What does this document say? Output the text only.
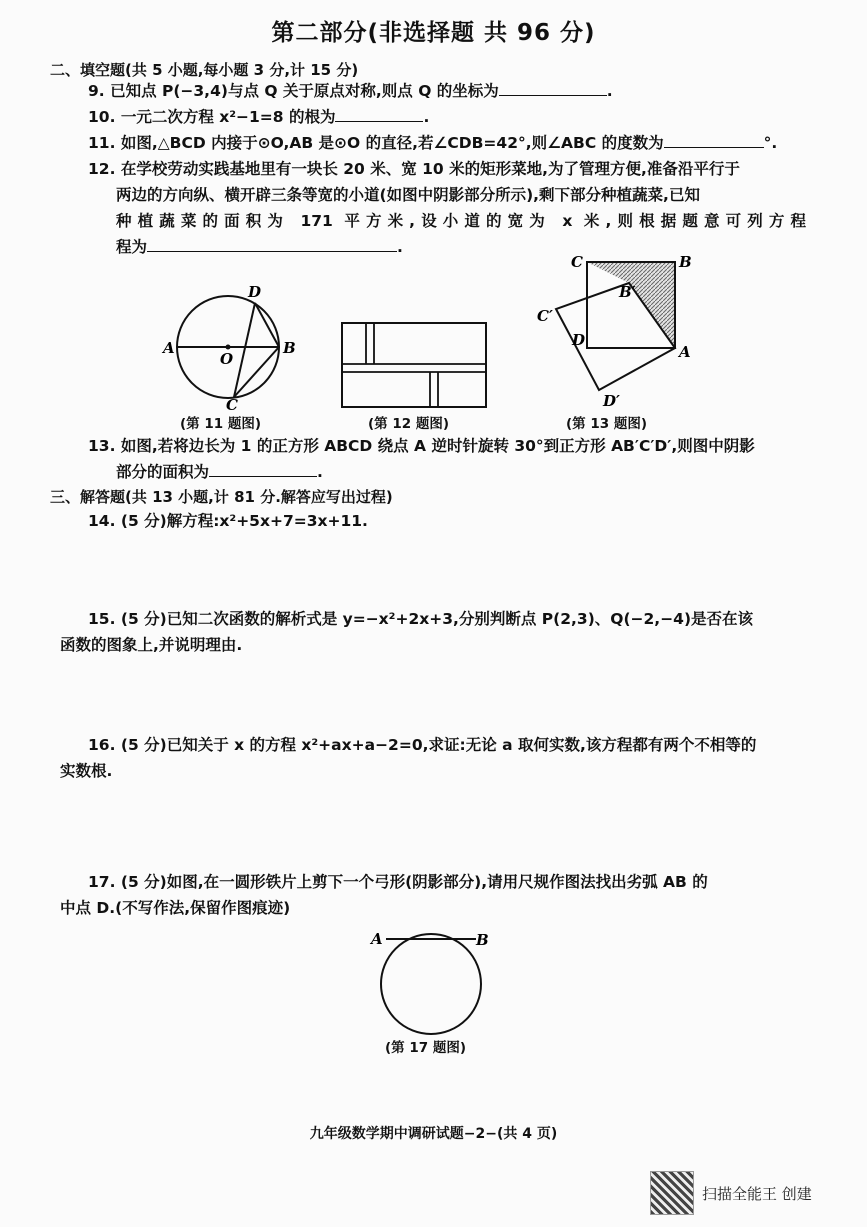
第二部分(非选择题 共 96 分)
二、填空题(共 5 小题,每小题 3 分,计 15 分)
9. 已知点 P(−3,4)与点 Q 关于原点对称,则点 Q 的坐标为	.
10. 一元二次方程 x²−1=8 的根为	.
11. 如图,△BCD 内接于⊙O,AB 是⊙O 的直径,若∠CDB=42°,则∠ABC 的度数为	°.
12. 在学校劳动实践基地里有一块长 20 米、宽 10 米的矩形菜地,为了管理方便,准备沿平行于
两边的方向纵、横开辟三条等宽的小道(如图中阴影部分所示),剩下部分种植蔬菜,已知
种植蔬菜的面积为 171 平方米,设小道的宽为 x 米,则根据题意可列方程
程为	.
A	B
D
C
O
(第 11 题图)	(第 12 题图)
C	B
B′
C′
D
A
D′
(第 13 题图)
13. 如图,若将边长为 1 的正方形 ABCD 绕点 A 逆时针旋转 30°到正方形 AB′C′D′,则图中阴影
部分的面积为	.
三、解答题(共 13 小题,计 81 分.解答应写出过程)
14. (5 分)解方程:x²+5x+7=3x+11.
15. (5 分)已知二次函数的解析式是 y=−x²+2x+3,分别判断点 P(2,3)、Q(−2,−4)是否在该
函数的图象上,并说明理由.
16. (5 分)已知关于 x 的方程 x²+ax+a−2=0,求证:无论 a 取何实数,该方程都有两个不相等的
实数根.
17. (5 分)如图,在一圆形铁片上剪下一个弓形(阴影部分),请用尺规作图法找出劣弧 AB 的
中点 D.(不写作法,保留作图痕迹)
A	B
(第 17 题图)
九年级数学期中调研试题−2−(共 4 页)
扫描全能王 创建
